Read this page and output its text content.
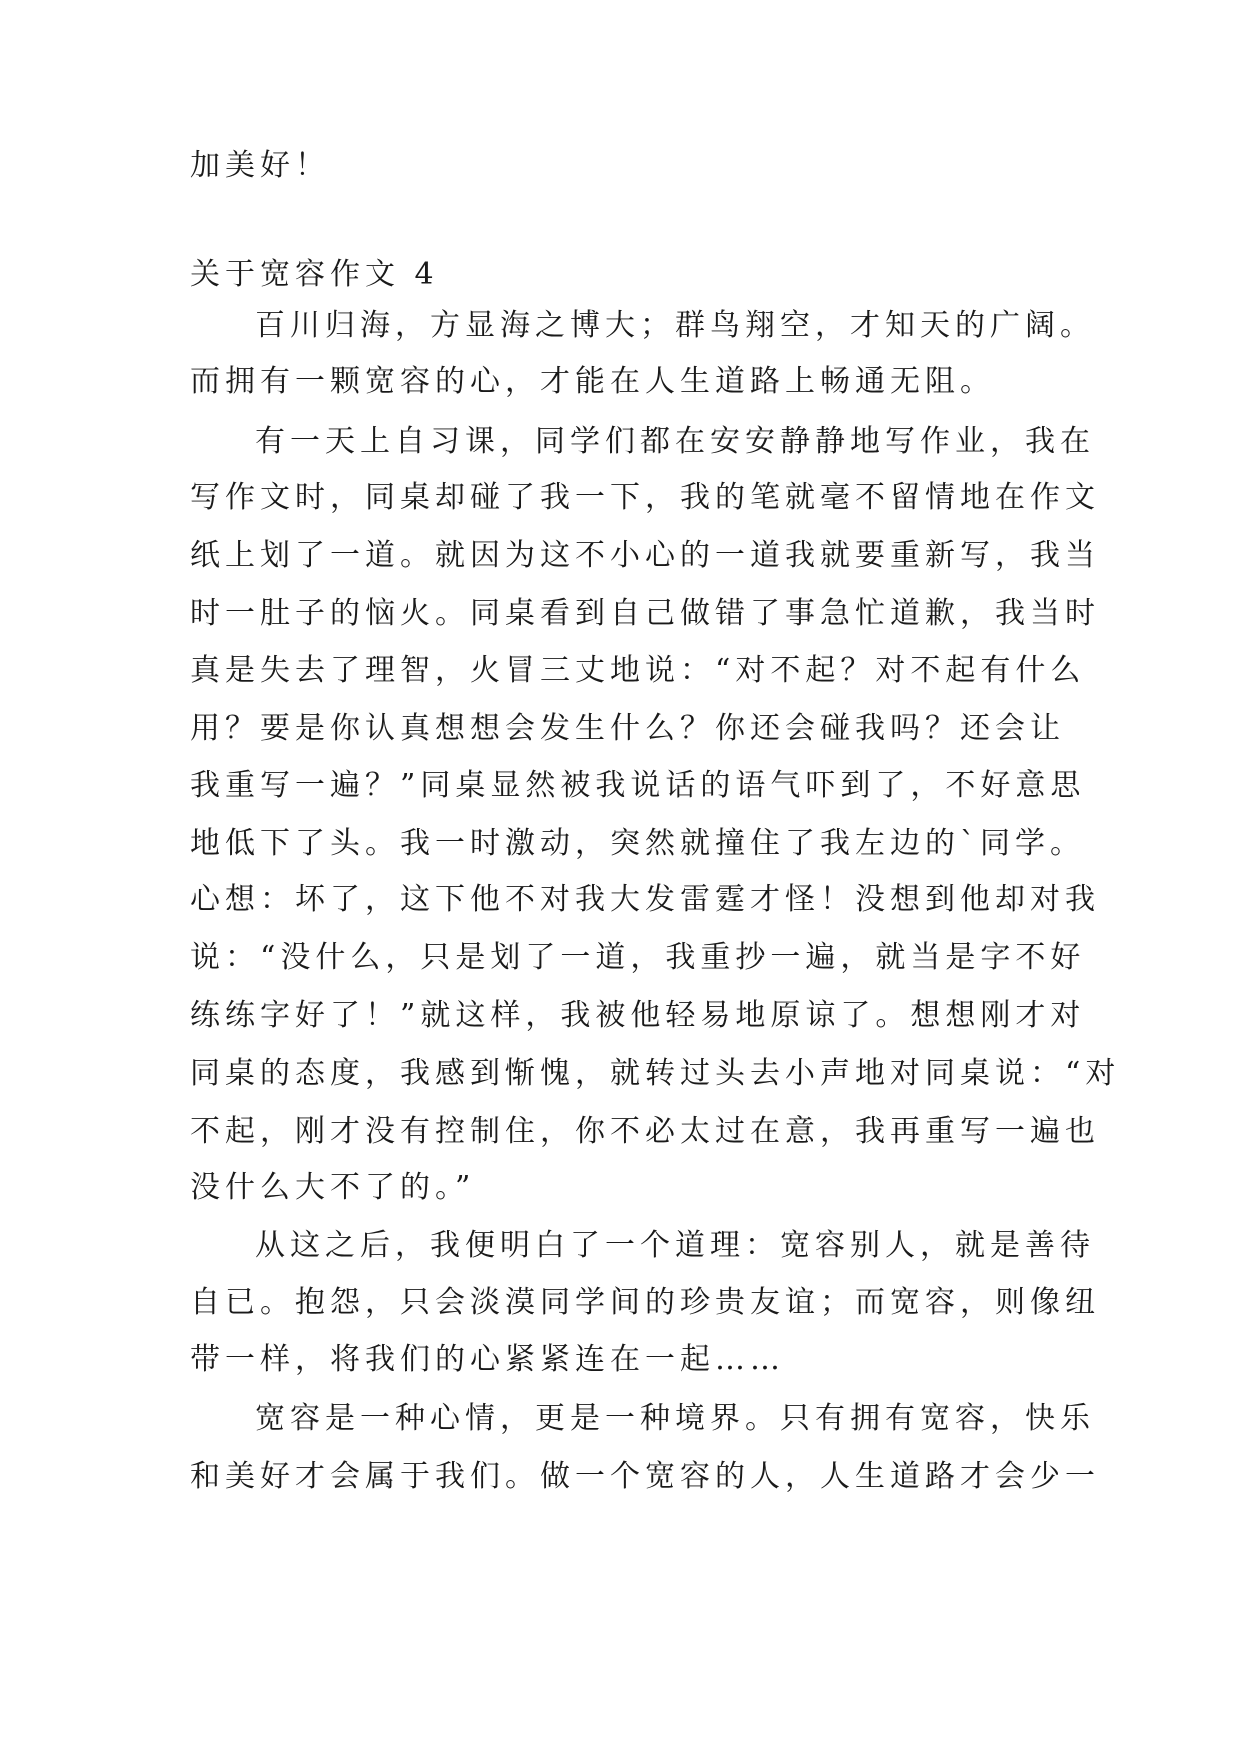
加美好！
关于宽容作文 4
百川归海，方显海之博大；群鸟翔空，才知天的广阔。
而拥有一颗宽容的心，才能在人生道路上畅通无阻。
有一天上自习课，同学们都在安安静静地写作业，我在
写作文时，同桌却碰了我一下，我的笔就毫不留情地在作文
纸上划了一道。就因为这不小心的一道我就要重新写，我当
时一肚子的恼火。同桌看到自己做错了事急忙道歉，我当时
真是失去了理智，火冒三丈地说：“对不起？对不起有什么
用？要是你认真想想会发生什么？你还会碰我吗？还会让
我重写一遍？”同桌显然被我说话的语气吓到了，不好意思
地低下了头。我一时激动，突然就撞住了我左边的`同学。
心想：坏了，这下他不对我大发雷霆才怪！没想到他却对我
说：“没什么，只是划了一道，我重抄一遍，就当是字不好
练练字好了！”就这样，我被他轻易地原谅了。想想刚才对
同桌的态度，我感到惭愧，就转过头去小声地对同桌说：“对
不起，刚才没有控制住，你不必太过在意，我再重写一遍也
没什么大不了的。”
从这之后，我便明白了一个道理：宽容别人，就是善待
自已。抱怨，只会淡漠同学间的珍贵友谊；而宽容，则像纽
带一样，将我们的心紧紧连在一起……
宽容是一种心情，更是一种境界。只有拥有宽容，快乐
和美好才会属于我们。做一个宽容的人，人生道路才会少一
